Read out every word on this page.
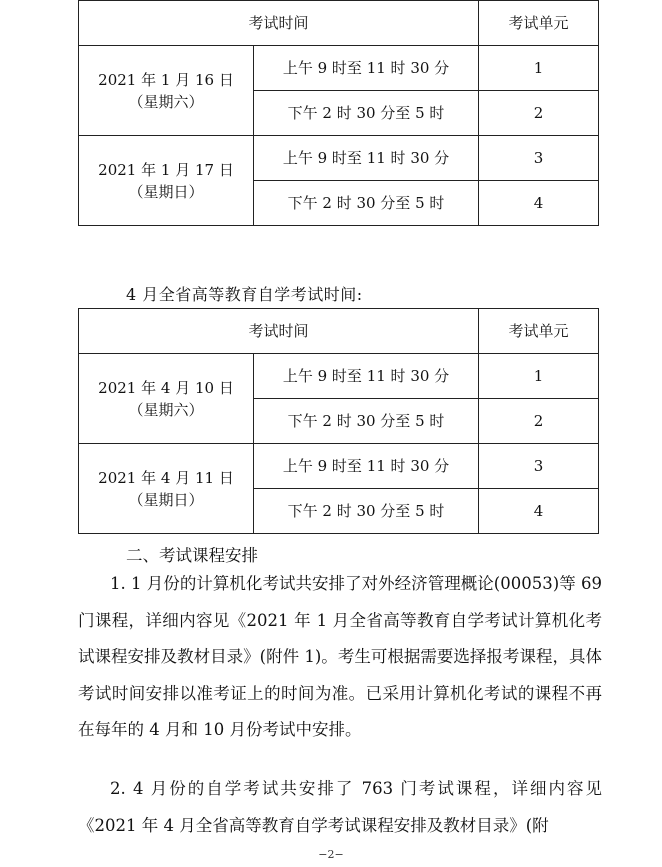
考试时间		考试单元

2021 年 1 月 16 日
（星期六）	上午 9 时至 11 时 30 分	1
	下午 2 时 30 分至 5 时	2

2021 年 1 月 17 日
（星期日）	上午 9 时至 11 时 30 分	3
	下午 2 时 30 分至 5 时	4
4 月全省高等教育自学考试时间:
考试时间		考试单元

2021 年 4 月 10 日
（星期六）	上午 9 时至 11 时 30 分	1
	下午 2 时 30 分至 5 时	2

2021 年 4 月 11 日
（星期日）	上午 9 时至 11 时 30 分	3
	下午 2 时 30 分至 5 时	4

二、考试课程安排

1. 1 月份的计算机化考试共安排了对外经济管理概论(00053)等 69 门课程，详细内容见《2021 年 1 月全省高等教育自学考试计算机化考试课程安排及教材目录》(附件 1)。考生可根据需要选择报考课程，具体考试时间安排以准考证上的时间为准。已采用计算机化考试的课程不再在每年的 4 月和 10 月份考试中安排。
2. 4 月份的自学考试共安排了 763 门考试课程，详细内容见《2021 年 4 月全省高等教育自学考试课程安排及教材目录》(附
−2−
